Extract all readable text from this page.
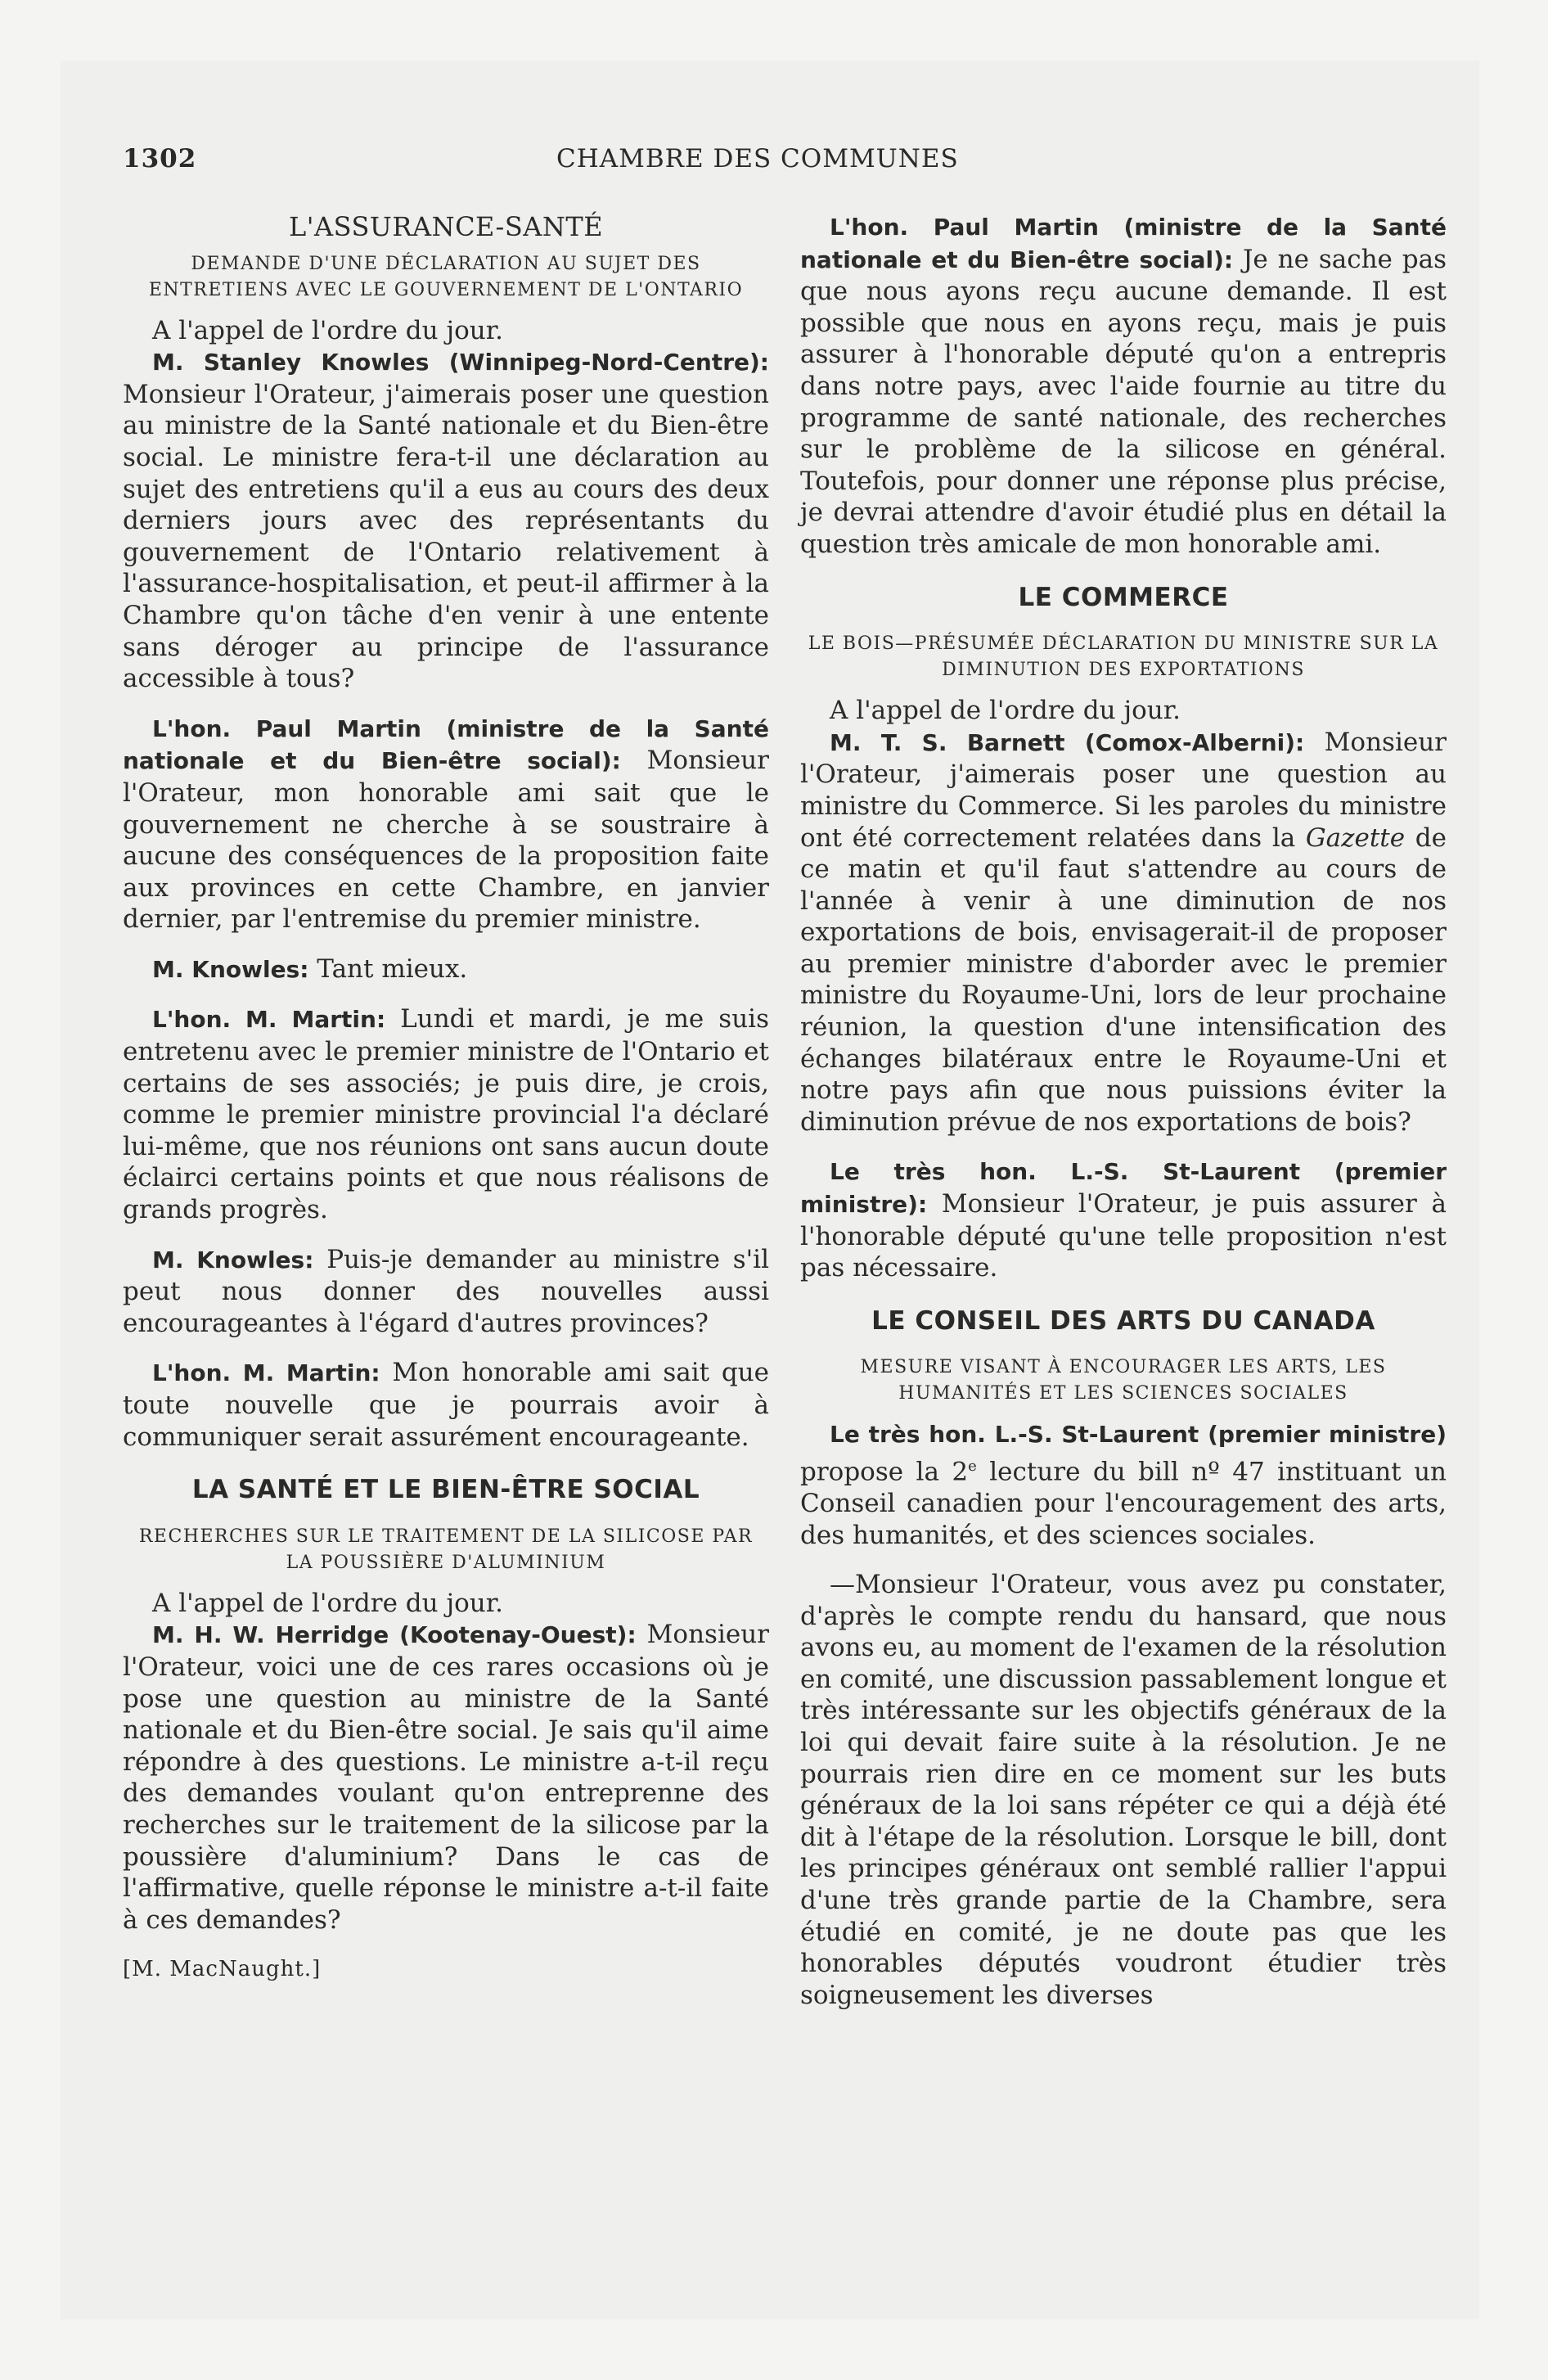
1302	CHAMBRE DES COMMUNES
L'ASSURANCE-SANTÉ
DEMANDE D'UNE DÉCLARATION AU SUJET DES ENTRETIENS AVEC LE GOUVERNEMENT DE L'ONTARIO

A l'appel de l'ordre du jour.

M. Stanley Knowles (Winnipeg-Nord-Centre): Monsieur l'Orateur, j'aimerais poser une question au ministre de la Santé nationale et du Bien-être social. Le ministre fera-t-il une déclaration au sujet des entretiens qu'il a eus au cours des deux derniers jours avec des représentants du gouvernement de l'Ontario relativement à l'assurance-hospitalisation, et peut-il affirmer à la Chambre qu'on tâche d'en venir à une entente sans déroger au principe de l'assurance accessible à tous?

L'hon. Paul Martin (ministre de la Santé nationale et du Bien-être social): Monsieur l'Orateur, mon honorable ami sait que le gouvernement ne cherche à se soustraire à aucune des conséquences de la proposition faite aux provinces en cette Chambre, en janvier dernier, par l'entremise du premier ministre.

M. Knowles: Tant mieux.

L'hon. M. Martin: Lundi et mardi, je me suis entretenu avec le premier ministre de l'Ontario et certains de ses associés; je puis dire, je crois, comme le premier ministre provincial l'a déclaré lui-même, que nos réunions ont sans aucun doute éclairci certains points et que nous réalisons de grands progrès.

M. Knowles: Puis-je demander au ministre s'il peut nous donner des nouvelles aussi encourageantes à l'égard d'autres provinces?

L'hon. M. Martin: Mon honorable ami sait que toute nouvelle que je pourrais avoir à communiquer serait assurément encourageante.

LA SANTÉ ET LE BIEN-ÊTRE SOCIAL
RECHERCHES SUR LE TRAITEMENT DE LA SILICOSE PAR LA POUSSIÈRE D'ALUMINIUM

A l'appel de l'ordre du jour.

M. H. W. Herridge (Kootenay-Ouest): Monsieur l'Orateur, voici une de ces rares occasions où je pose une question au ministre de la Santé nationale et du Bien-être social. Je sais qu'il aime répondre à des questions. Le ministre a-t-il reçu des demandes voulant qu'on entreprenne des recherches sur le traitement de la silicose par la poussière d'aluminium? Dans le cas de l'affirmative, quelle réponse le ministre a-t-il faite à ces demandes?

[M. MacNaught.]

L'hon. Paul Martin (ministre de la Santé nationale et du Bien-être social): Je ne sache pas que nous ayons reçu aucune demande. Il est possible que nous en ayons reçu, mais je puis assurer à l'honorable député qu'on a entrepris dans notre pays, avec l'aide fournie au titre du programme de santé nationale, des recherches sur le problème de la silicose en général. Toutefois, pour donner une réponse plus précise, je devrai attendre d'avoir étudié plus en détail la question très amicale de mon honorable ami.

LE COMMERCE
LE BOIS—PRÉSUMÉE DÉCLARATION DU MINISTRE SUR LA DIMINUTION DES EXPORTATIONS

A l'appel de l'ordre du jour.

M. T. S. Barnett (Comox-Alberni): Monsieur l'Orateur, j'aimerais poser une question au ministre du Commerce. Si les paroles du ministre ont été correctement relatées dans la Gazette de ce matin et qu'il faut s'attendre au cours de l'année à venir à une diminution de nos exportations de bois, envisagerait-il de proposer au premier ministre d'aborder avec le premier ministre du Royaume-Uni, lors de leur prochaine réunion, la question d'une intensification des échanges bilatéraux entre le Royaume-Uni et notre pays afin que nous puissions éviter la diminution prévue de nos exportations de bois?

Le très hon. L.-S. St-Laurent (premier ministre): Monsieur l'Orateur, je puis assurer à l'honorable député qu'une telle proposition n'est pas nécessaire.

LE CONSEIL DES ARTS DU CANADA
MESURE VISANT À ENCOURAGER LES ARTS, LES HUMANITÉS ET LES SCIENCES SOCIALES

Le très hon. L.-S. St-Laurent (premier ministre) propose la 2e lecture du bill nº 47 instituant un Conseil canadien pour l'encouragement des arts, des humanités, et des sciences sociales.

—Monsieur l'Orateur, vous avez pu constater, d'après le compte rendu du hansard, que nous avons eu, au moment de l'examen de la résolution en comité, une discussion passablement longue et très intéressante sur les objectifs généraux de la loi qui devait faire suite à la résolution. Je ne pourrais rien dire en ce moment sur les buts généraux de la loi sans répéter ce qui a déjà été dit à l'étape de la résolution. Lorsque le bill, dont les principes généraux ont semblé rallier l'appui d'une très grande partie de la Chambre, sera étudié en comité, je ne doute pas que les honorables députés voudront étudier très soigneusement les diverses
